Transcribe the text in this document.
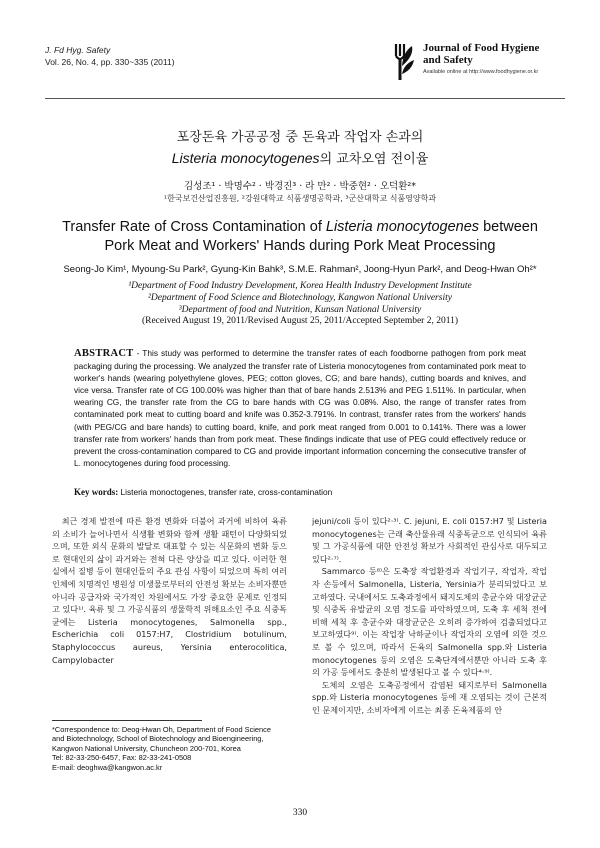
J. Fd Hyg. Safety
Vol. 26, No. 4, pp. 330~335 (2011)
Journal of Food Hygiene
and Safety
Available online at http://www.foodhygiene.or.kr
포장돈육 가공공정 중 돈육과 작업자 손과의
Listeria monocytogenes의 교차오염 전이율
김성조¹ · 박명수² · 박경진³ · 라 만² · 박중현² · 오덕환²*
¹한국보건산업진흥원, ²강원대학교 식품생명공학과, ³군산대학교 식품영양학과
Transfer Rate of Cross Contamination of Listeria monocytogenes between
Pork Meat and Workers' Hands during Pork Meat Processing
Seong-Jo Kim¹, Myoung-Su Park², Gyung-Kin Bahk³, S.M.E. Rahman², Joong-Hyun Park², and Deog-Hwan Oh²*
¹Department of Food Industry Development, Korea Health Industry Development Institute
²Department of Food Science and Biotechnology, Kangwon National University
³Department of food and Nutrition, Kunsan National University
(Received August 19, 2011/Revised August 25, 2011/Accepted September 2, 2011)
ABSTRACT - This study was performed to determine the transfer rates of each foodborne pathogen from pork meat packaging during the processing. We analyzed the transfer rate of Listeria monocytogenes from contaminated pork meat to worker's hands (wearing polyethylene gloves, PEG; cotton gloves, CG; and bare hands), cutting boards and knives, and vice versa. Transfer rate of CG 100.00% was higher than that of bare hands 2.513% and PEG 1.511%. In particular, when wearing CG, the transfer rate from the CG to bare hands with CG was 0.08%. Also, the range of transfer rates from contaminated pork meat to cutting board and knife was 0.352-3.791%. In contrast, transfer rates from the workers' hands (with PEG/CG and bare hands) to cutting board, knife, and pork meat ranged from 0.001 to 0.141%. There was a lower transfer rate from workers' hands than from pork meat. These findings indicate that use of PEG could effectively reduce or prevent the cross-contamination compared to CG and provide important information concerning the consecutive transfer of L. monocytogenes during food processing.
Key words: Listeria monoctogenes, transfer rate, cross-contamination

최근 경제 발전에 따른 환경 변화와 더불어 과거에 비하여 육류의 소비가 늘어나면서 식생활 변화와 함께 생활 패턴이 다양화되었으며, 또한 외식 문화의 발달로 대표할 수 있는 식문화의 변화 등으로 현대인의 삶이 과거와는 전혀 다른 양상을 띠고 있다. 이러한 현실에서 질병 등이 현대인들의 주요 관심 사항이 되었으며 특히 여러 인체에 치명적인 병원성 미생물로부터의 안전성 확보는 소비자뿐만 아니라 공급자와 국가적인 차원에서도 가장 중요한 문제로 인정되고 있다¹⁾. 육류 및 그 가공식품의 생물학적 위해요소인 주요 식중독균에는 Listeria monocytogenes, Salmonella spp., Escherichia coli 0157:H7, Clostridium botulinum, Staphylococcus aureus, Yersinia enterocolitica, Campylobacter

jejuni/coli 등이 있다²·³⁾. C. jejuni, E. coli 0157:H7 및 Listeria monocytogenes는 근래 축산물유래 식중독균으로 인식되어 육류 및 그 가공식품에 대한 안전성 확보가 사회적인 관심사로 대두되고 있다²·⁷⁾.

Sammarco 등⁸⁾은 도축장 작업환경과 작업기구, 작업자, 작업자 손등에서 Salmonella, Listeria, Yersinia가 분리되었다고 보고하였다. 국내에서도 도축과정에서 돼지도체의 총균수와 대장균군 및 식중독 유발균의 오염 정도를 파악하였으며, 도축 후 세척 전에 비해 세척 후 총균수와 대장균군은 오히려 증가하여 검출되었다고 보고하였다⁹⁾. 이는 작업장 낙하균이나 작업자의 오염에 의한 것으로 볼 수 있으며, 따라서 돈육의 Salmonella spp.와 Listeria monocytogenes 등의 오염은 도축단계에서뿐만 아니라 도축 후의 가공 등에서도 충분히 발생된다고 볼 수 있다⁴·⁹⁾.

도체의 오염은 도축공정에서 감염된 돼지로부터 Salmonella spp.와 Listeria monocytogenes 등에 재 오염되는 것이 근본적인 문제이지만, 소비자에게 이르는 최종 돈육제품의 안

*Correspondence to: Deog-Hwan Oh, Department of Food Science
and Biotechnology, School of Biotechnology and Bioengineering,
Kangwon National University, Chuncheon 200-701, Korea
Tel: 82-33-250-6457, Fax: 82-33-241-0508
E-mail: deoghwa@kangwon.ac.kr
330
